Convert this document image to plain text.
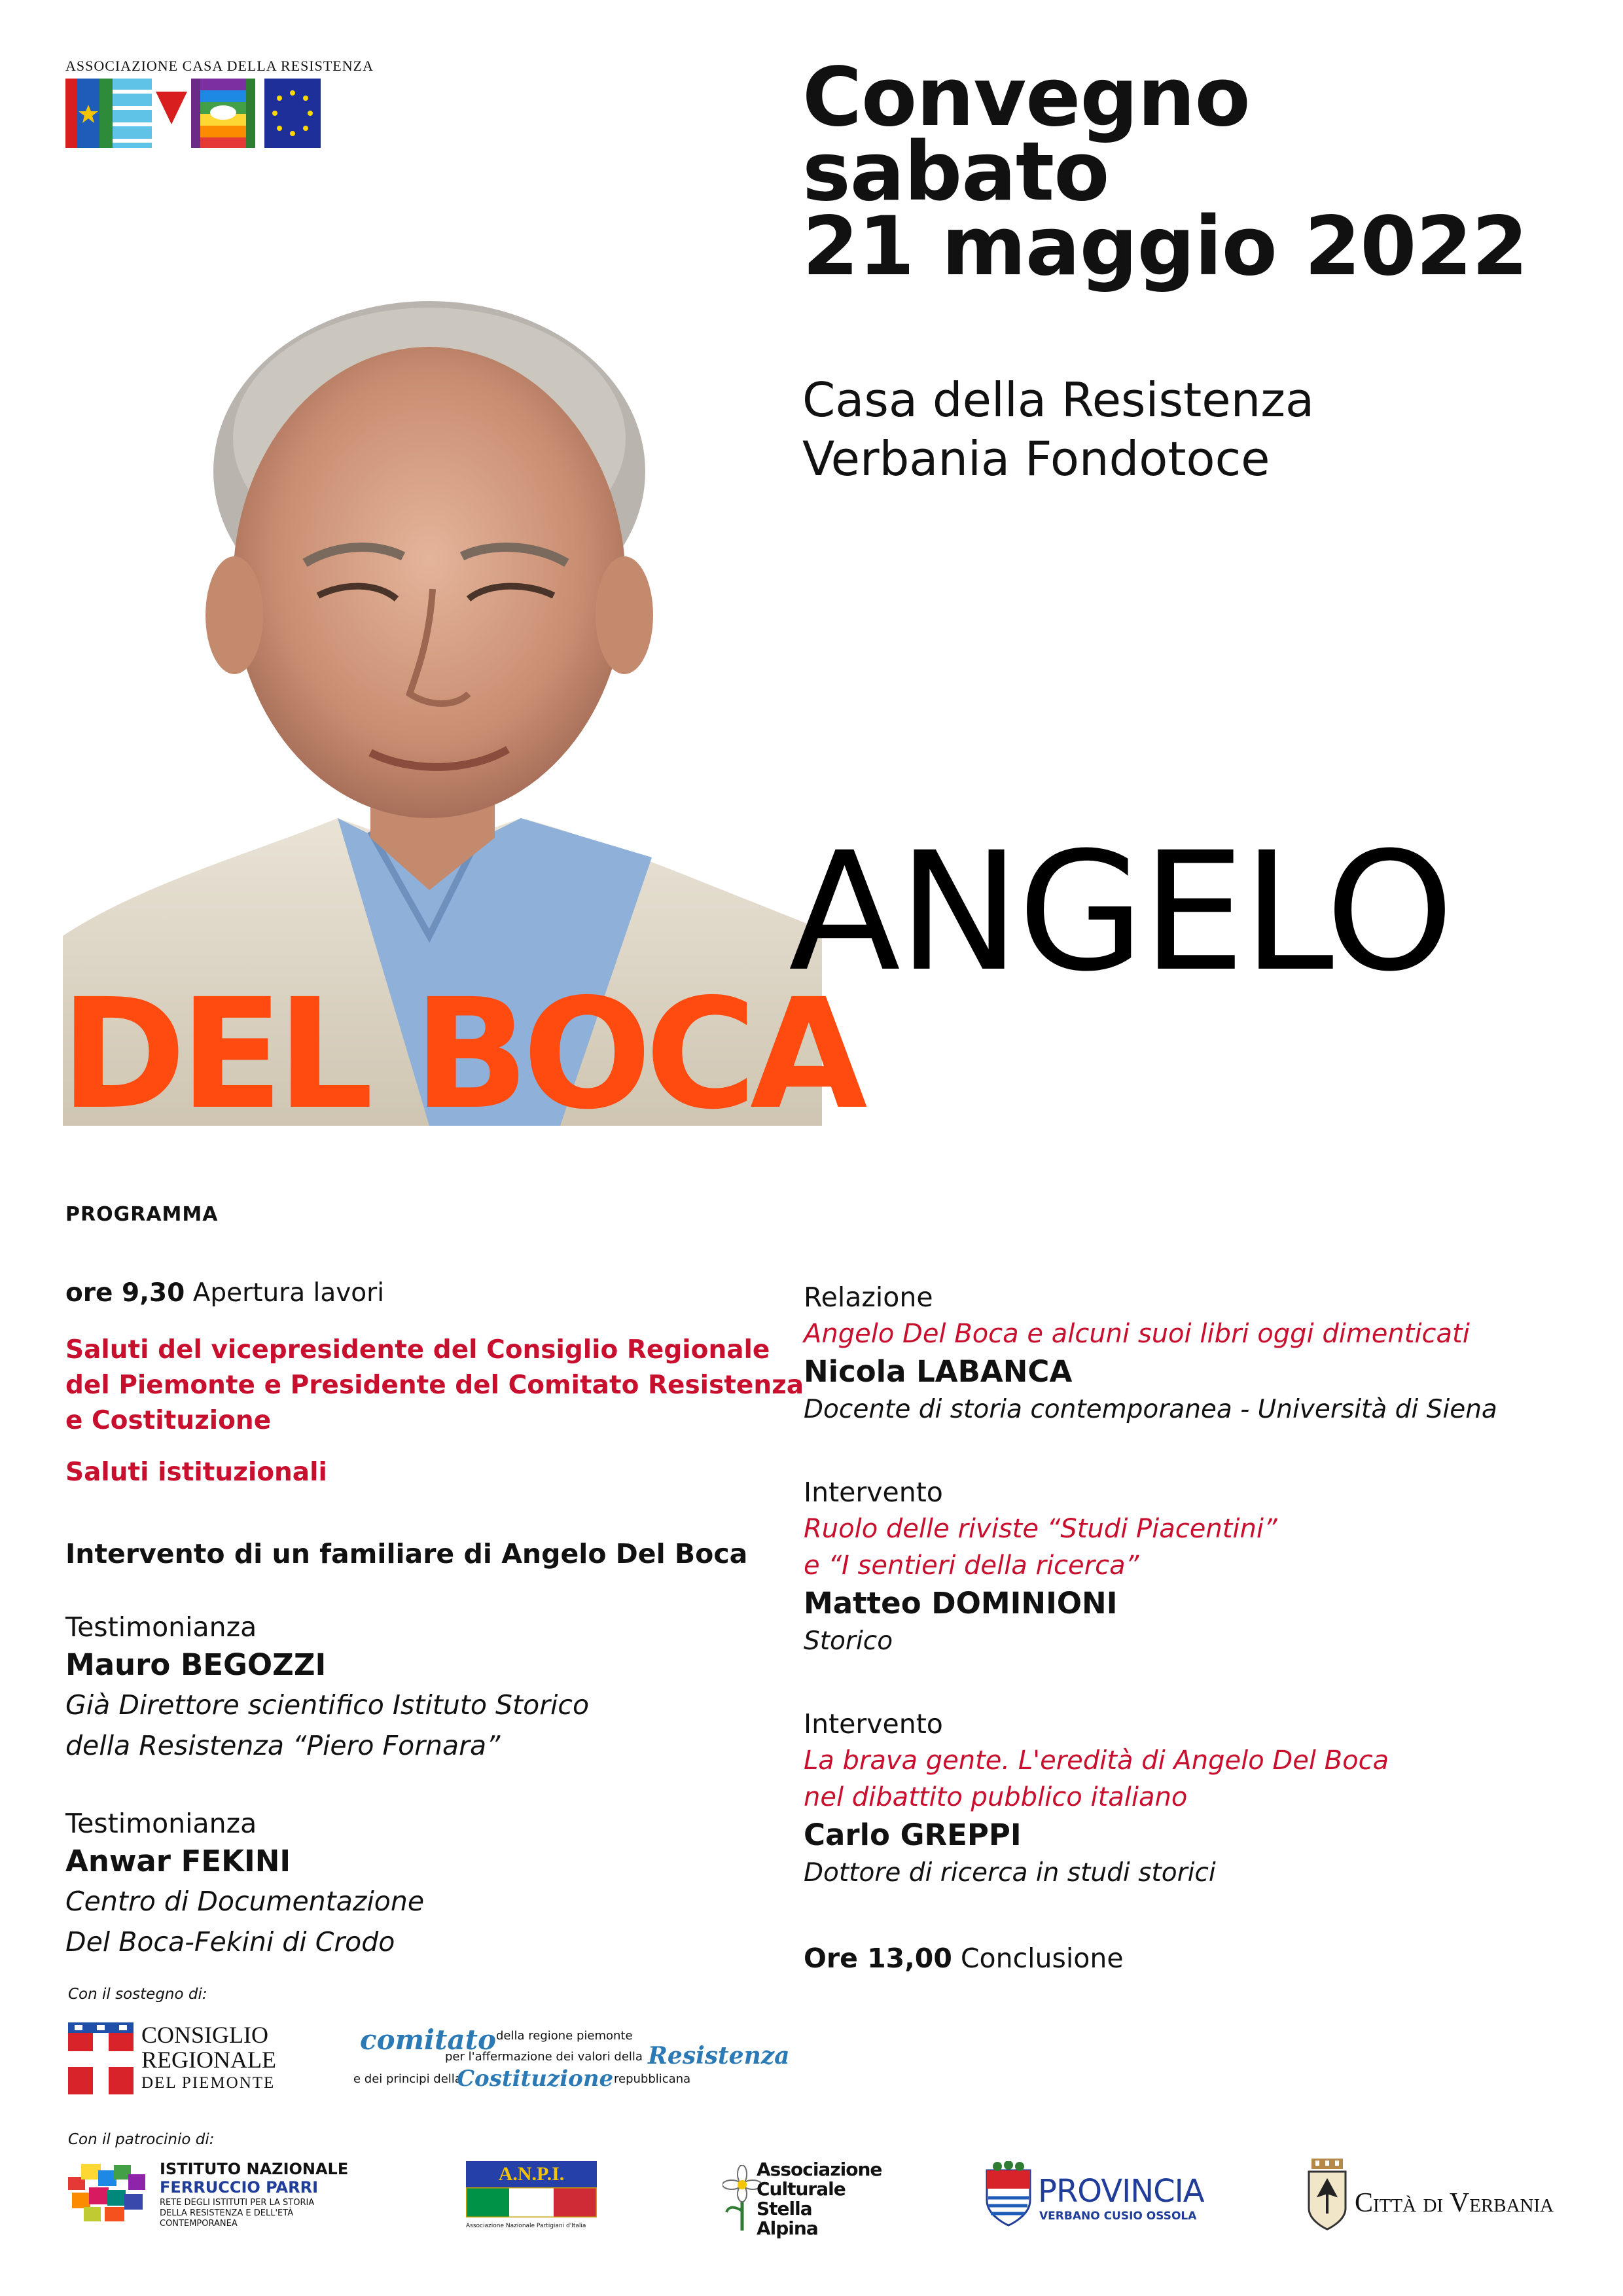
ASSOCIAZIONE CASA DELLA RESISTENZA	Convegno
sabato
21 maggio 2022
Casa della Resistenza
Verbania Fondotoce
ANGELO
DEL BOCA
PROGRAMMA
ore 9,30 Apertura lavori
Saluti del vicepresidente del Consiglio Regionale
del Piemonte e Presidente del Comitato Resistenza
e Costituzione
Saluti istituzionali
Intervento di un familiare di Angelo Del Boca
Testimonianza
Mauro BEGOZZI
Già Direttore scientifico Istituto Storico
della Resistenza “Piero Fornara”
Testimonianza
Anwar FEKINI
Centro di Documentazione
Del Boca-Fekini di Crodo
Relazione
Angelo Del Boca e alcuni suoi libri oggi dimenticati
Nicola LABANCA
Docente di storia contemporanea - Università di Siena
Intervento
Ruolo delle riviste “Studi Piacentini”
e “I sentieri della ricerca”
Matteo DOMINIONI
Storico
Intervento
La brava gente. L'eredità di Angelo Del Boca
nel dibattito pubblico italiano
Carlo GREPPI
Dottore di ricerca in studi storici
Ore 13,00 Conclusione
Con il sostegno di:
CONSIGLIO
REGIONALE
DEL PIEMONTE
comitato della regione piemonte
per l'affermazione dei valori della Resistenza
e dei principi della
Costituzione repubblicana
Con il patrocinio di:
ISTITUTO NAZIONALE
FERRUCCIO PARRI
RETE DEGLI ISTITUTI PER LA STORIA
DELLA RESISTENZA E DELL'ETÀ
CONTEMPORANEA
A.N.P.I.
Associazione Nazionale Partigiani d'Italia
Associazione
Culturale
Stella
Alpina
PROVINCIA
VERBANO CUSIO OSSOLA	Città di Verbania
